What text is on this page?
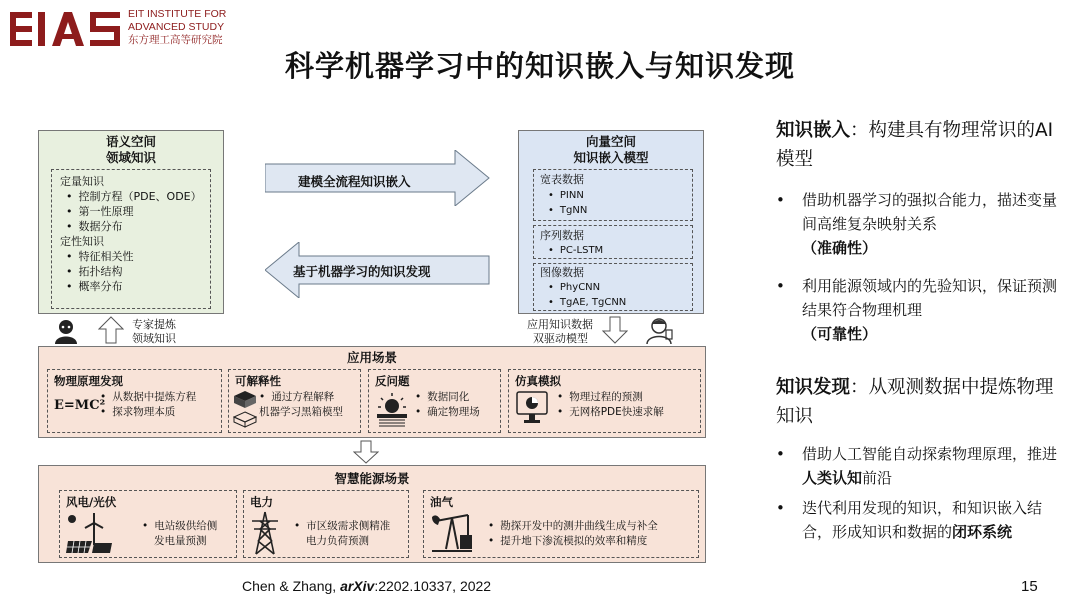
EIT INSTITUTE FOR
ADVANCED STUDY
东方理工高等研究院
科学机器学习中的知识嵌入与知识发现
语义空间
领域知识
定量知识
• 控制方程（PDE、ODE）
• 第一性原理
• 数据分布
定性知识
• 特征相关性
• 拓扑结构
• 概率分布
向量空间
知识嵌入模型
宽表数据
• PINN
• TgNN
序列数据
• PC-LSTM
图像数据
• PhyCNN
• TgAE, TgCNN
建模全流程知识嵌入
基于机器学习的知识发现
专家提炼
领域知识
应用知识数据
双驱动模型
应用场景
物理原理发现
E=MC²
• 从数据中提炼方程
• 探求物理本质
可解释性
• 通过方程解释
机器学习黑箱模型
反问题
• 数据同化
• 确定物理场
仿真模拟
• 物理过程的预测
• 无网格PDE快速求解
智慧能源场景
风电/光伏
• 电站级供给侧
发电量预测
电力
• 市区级需求侧精准
电力负荷预测
油气
• 勘探开发中的测井曲线生成与补全
• 提升地下渗流模拟的效率和精度
知识嵌入：构建具有物理常识的AI模型
• 借助机器学习的强拟合能力，描述变量间高维复杂映射关系
（准确性）
• 利用能源领域内的先验知识，保证预测结果符合物理机理
（可靠性）
知识发现：从观测数据中提炼物理知识
• 借助人工智能自动探索物理原理，推进人类认知前沿
• 迭代利用发现的知识，和知识嵌入结合，形成知识和数据的闭环系统
Chen & Zhang, arXiv:2202.10337, 2022	15
